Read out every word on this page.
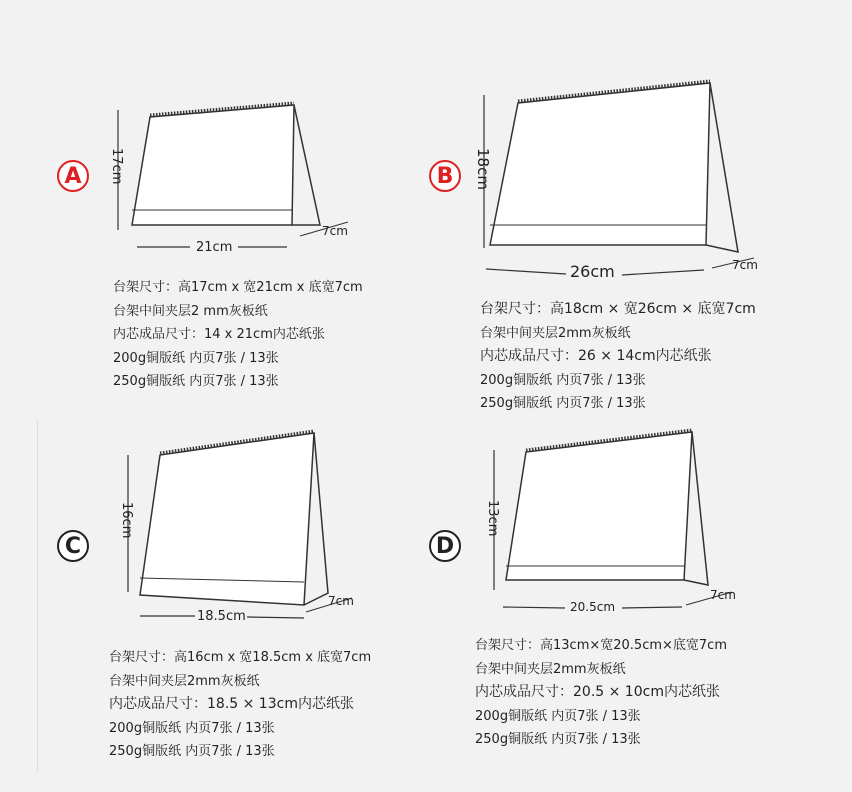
A	B
C	D
17cm
21cm
7cm
18cm
26cm	7cm
16cm
18.5cm
7cm
13cm
20.5cm
7cm
台架尺寸：高17cm x 宽21cm x 底宽7cm
台架中间夹层2 mm灰板纸
内芯成品尺寸：14 x 21cm内芯纸张
200g铜版纸 内页7张 / 13张
250g铜版纸 内页7张 / 13张
台架尺寸：高18cm × 宽26cm × 底宽7cm
台架中间夹层2mm灰板纸
内芯成品尺寸：26 × 14cm内芯纸张
200g铜版纸 内页7张 / 13张
250g铜版纸 内页7张 / 13张
台架尺寸：高16cm x 宽18.5cm x 底宽7cm
台架中间夹层2mm灰板纸
内芯成品尺寸：18.5 × 13cm内芯纸张
200g铜版纸 内页7张 / 13张
250g铜版纸 内页7张 / 13张
台架尺寸：高13cm×宽20.5cm×底宽7cm
台架中间夹层2mm灰板纸
内芯成品尺寸：20.5 × 10cm内芯纸张
200g铜版纸 内页7张 / 13张
250g铜版纸 内页7张 / 13张
